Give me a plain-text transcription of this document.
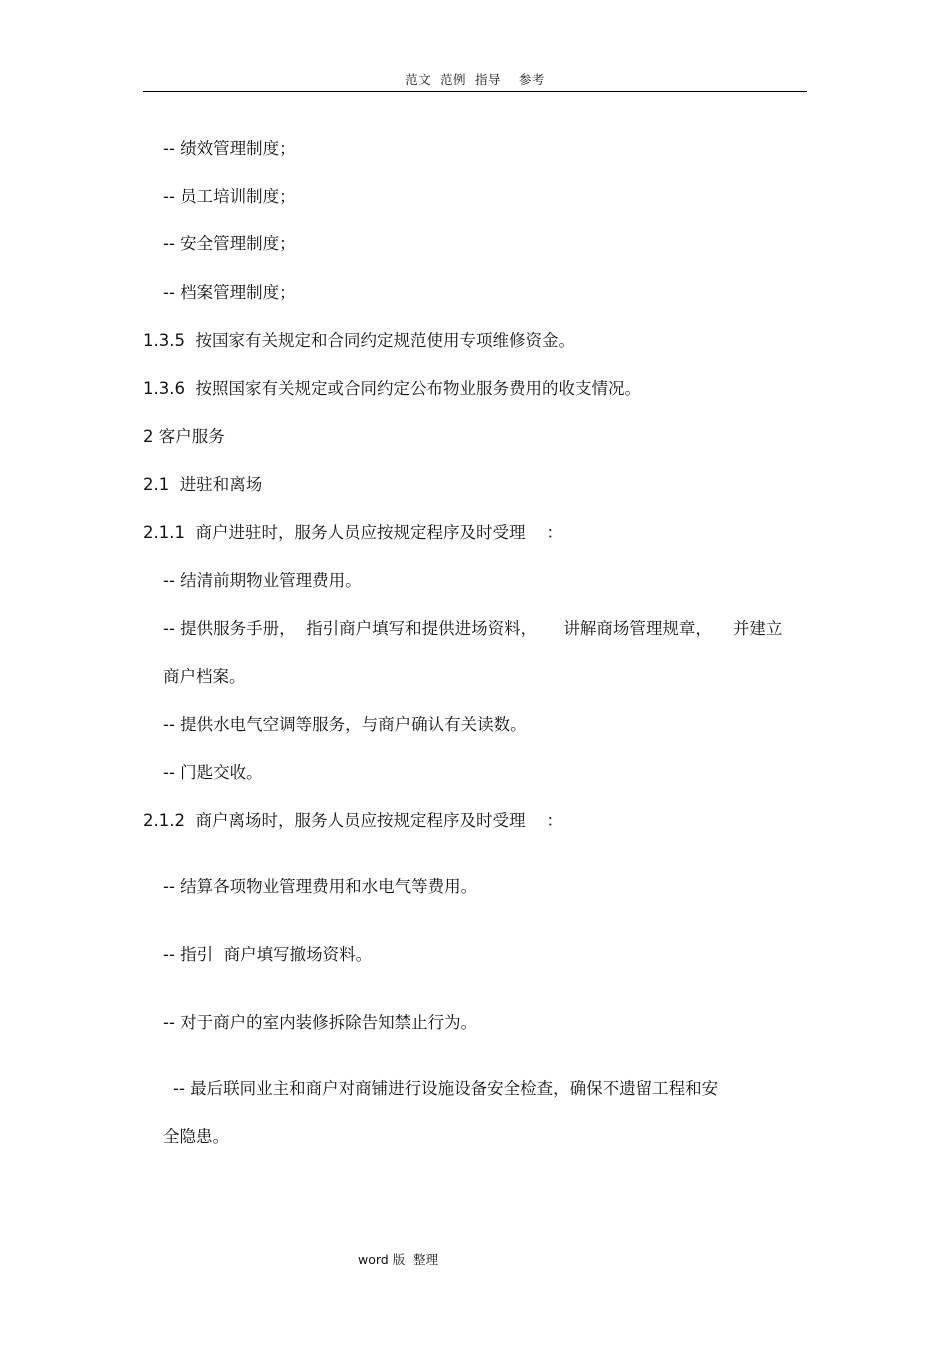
范文  范例  指导    参考
-- 绩效管理制度；
-- 员工培训制度；
-- 安全管理制度；
-- 档案管理制度；
1.3.5  按国家有关规定和合同约定规范使用专项维修资金。
1.3.6  按照国家有关规定或合同约定公布物业服务费用的收支情况。
2 客户服务
2.1  进驻和离场
2.1.1  商户进驻时，服务人员应按规定程序及时受理    ：
-- 结清前期物业管理费用。
-- 提供服务手册，  指引商户填写和提供进场资料，     讲解商场管理规章，    并建立
商户档案。
-- 提供水电气空调等服务，与商户确认有关读数。
-- 门匙交收。
2.1.2  商户离场时，服务人员应按规定程序及时受理    ：
-- 结算各项物业管理费用和水电气等费用。
-- 指引  商户填写撤场资料。
-- 对于商户的室内装修拆除告知禁止行为。
-- 最后联同业主和商户对商铺进行设施设备安全检查，确保不遗留工程和安
全隐患。
word 版  整理
